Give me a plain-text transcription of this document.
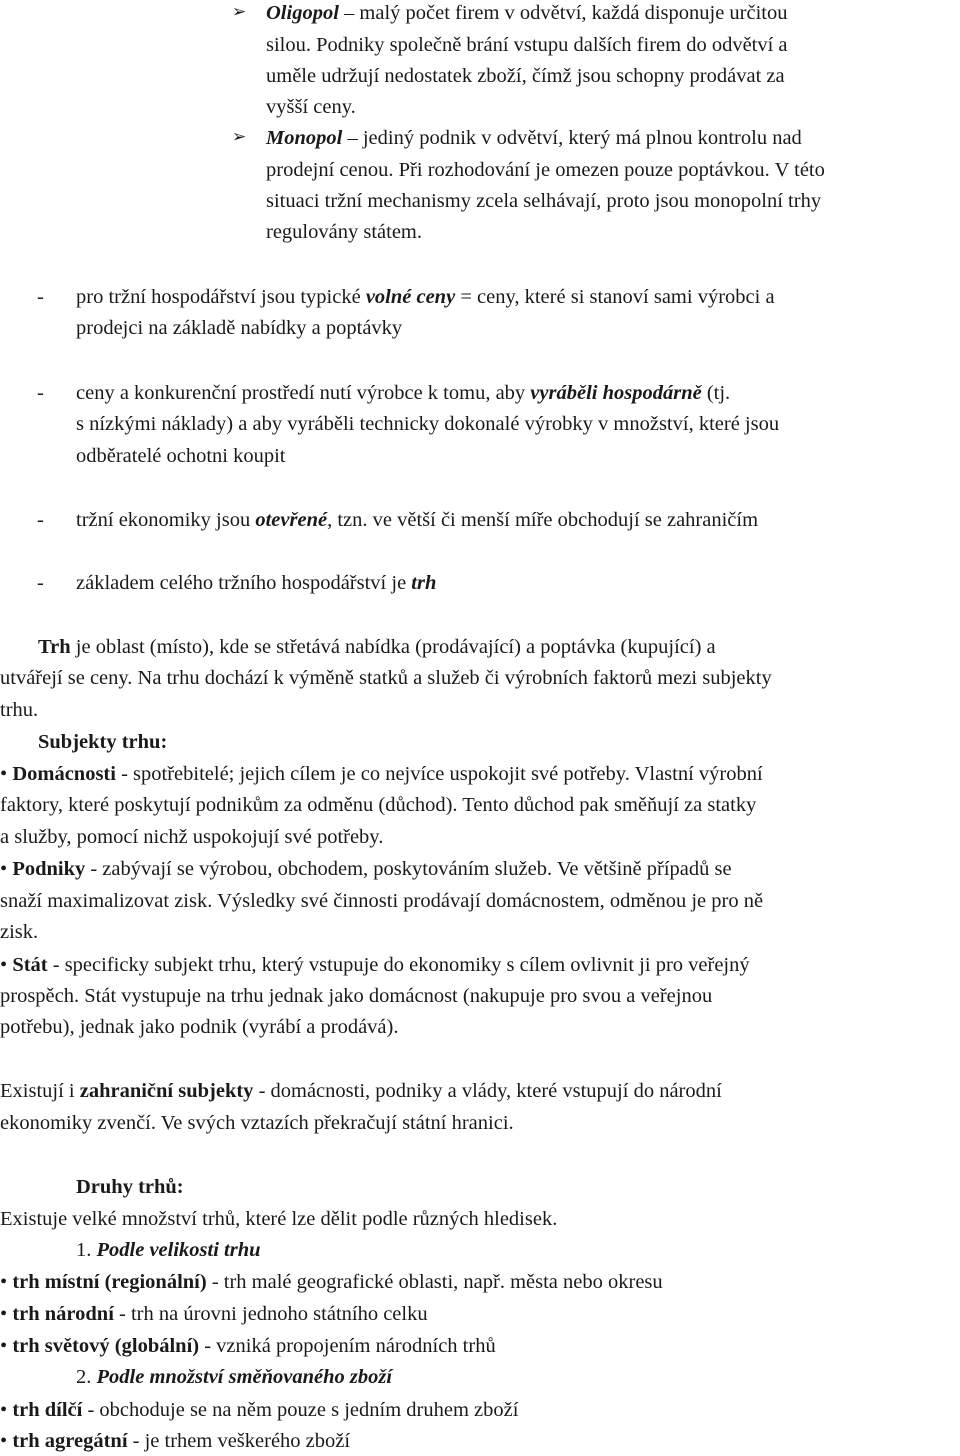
➢ Oligopol – malý počet firem v odvětví, každá disponuje určitou
silou. Podniky společně brání vstupu dalších firem do odvětví a
uměle udržují nedostatek zboží, čímž jsou schopny prodávat za
vyšší ceny.
➢ Monopol – jediný podnik v odvětví, který má plnou kontrolu nad
prodejní cenou. Při rozhodování je omezen pouze poptávkou. V této
situaci tržní mechanismy zcela selhávají, proto jsou monopolní trhy
regulovány státem.
- pro tržní hospodářství jsou typické volné ceny = ceny, které si stanoví sami výrobci a
prodejci na základě nabídky a poptávky
- ceny a konkurenční prostředí nutí výrobce k tomu, aby vyráběli hospodárně (tj.
s nízkými náklady) a aby vyráběli technicky dokonalé výrobky v množství, které jsou
odběratelé ochotni koupit
- tržní ekonomiky jsou otevřené, tzn. ve větší či menší míře obchodují se zahraničím
- základem celého tržního hospodářství je trh
Trh je oblast (místo), kde se střetává nabídka (prodávající) a poptávka (kupující) a
utvářejí se ceny. Na trhu dochází k výměně statků a služeb či výrobních faktorů mezi subjekty
trhu.
Subjekty trhu:
• Domácnosti - spotřebitelé; jejich cílem je co nejvíce uspokojit své potřeby. Vlastní výrobní
faktory, které poskytují podnikům za odměnu (důchod). Tento důchod pak směňují za statky
a služby, pomocí nichž uspokojují své potřeby.
• Podniky - zabývají se výrobou, obchodem, poskytováním služeb. Ve většině případů se
snaží maximalizovat zisk. Výsledky své činnosti prodávají domácnostem, odměnou je pro ně
zisk.
• Stát - specificky subjekt trhu, který vstupuje do ekonomiky s cílem ovlivnit ji pro veřejný
prospěch. Stát vystupuje na trhu jednak jako domácnost (nakupuje pro svou a veřejnou
potřebu), jednak jako podnik (vyrábí a prodává).
Existují i zahraniční subjekty - domácnosti, podniky a vlády, které vstupují do národní
ekonomiky zvenčí. Ve svých vztazích překračují státní hranici.
Druhy trhů:
Existuje velké množství trhů, které lze dělit podle různých hledisek.
1. Podle velikosti trhu
• trh místní (regionální) - trh malé geografické oblasti, např. města nebo okresu
• trh národní - trh na úrovni jednoho státního celku
• trh světový (globální) - vzniká propojením národních trhů
2. Podle množství směňovaného zboží
• trh dílčí - obchoduje se na něm pouze s jedním druhem zboží
• trh agregátní - je trhem veškerého zboží
